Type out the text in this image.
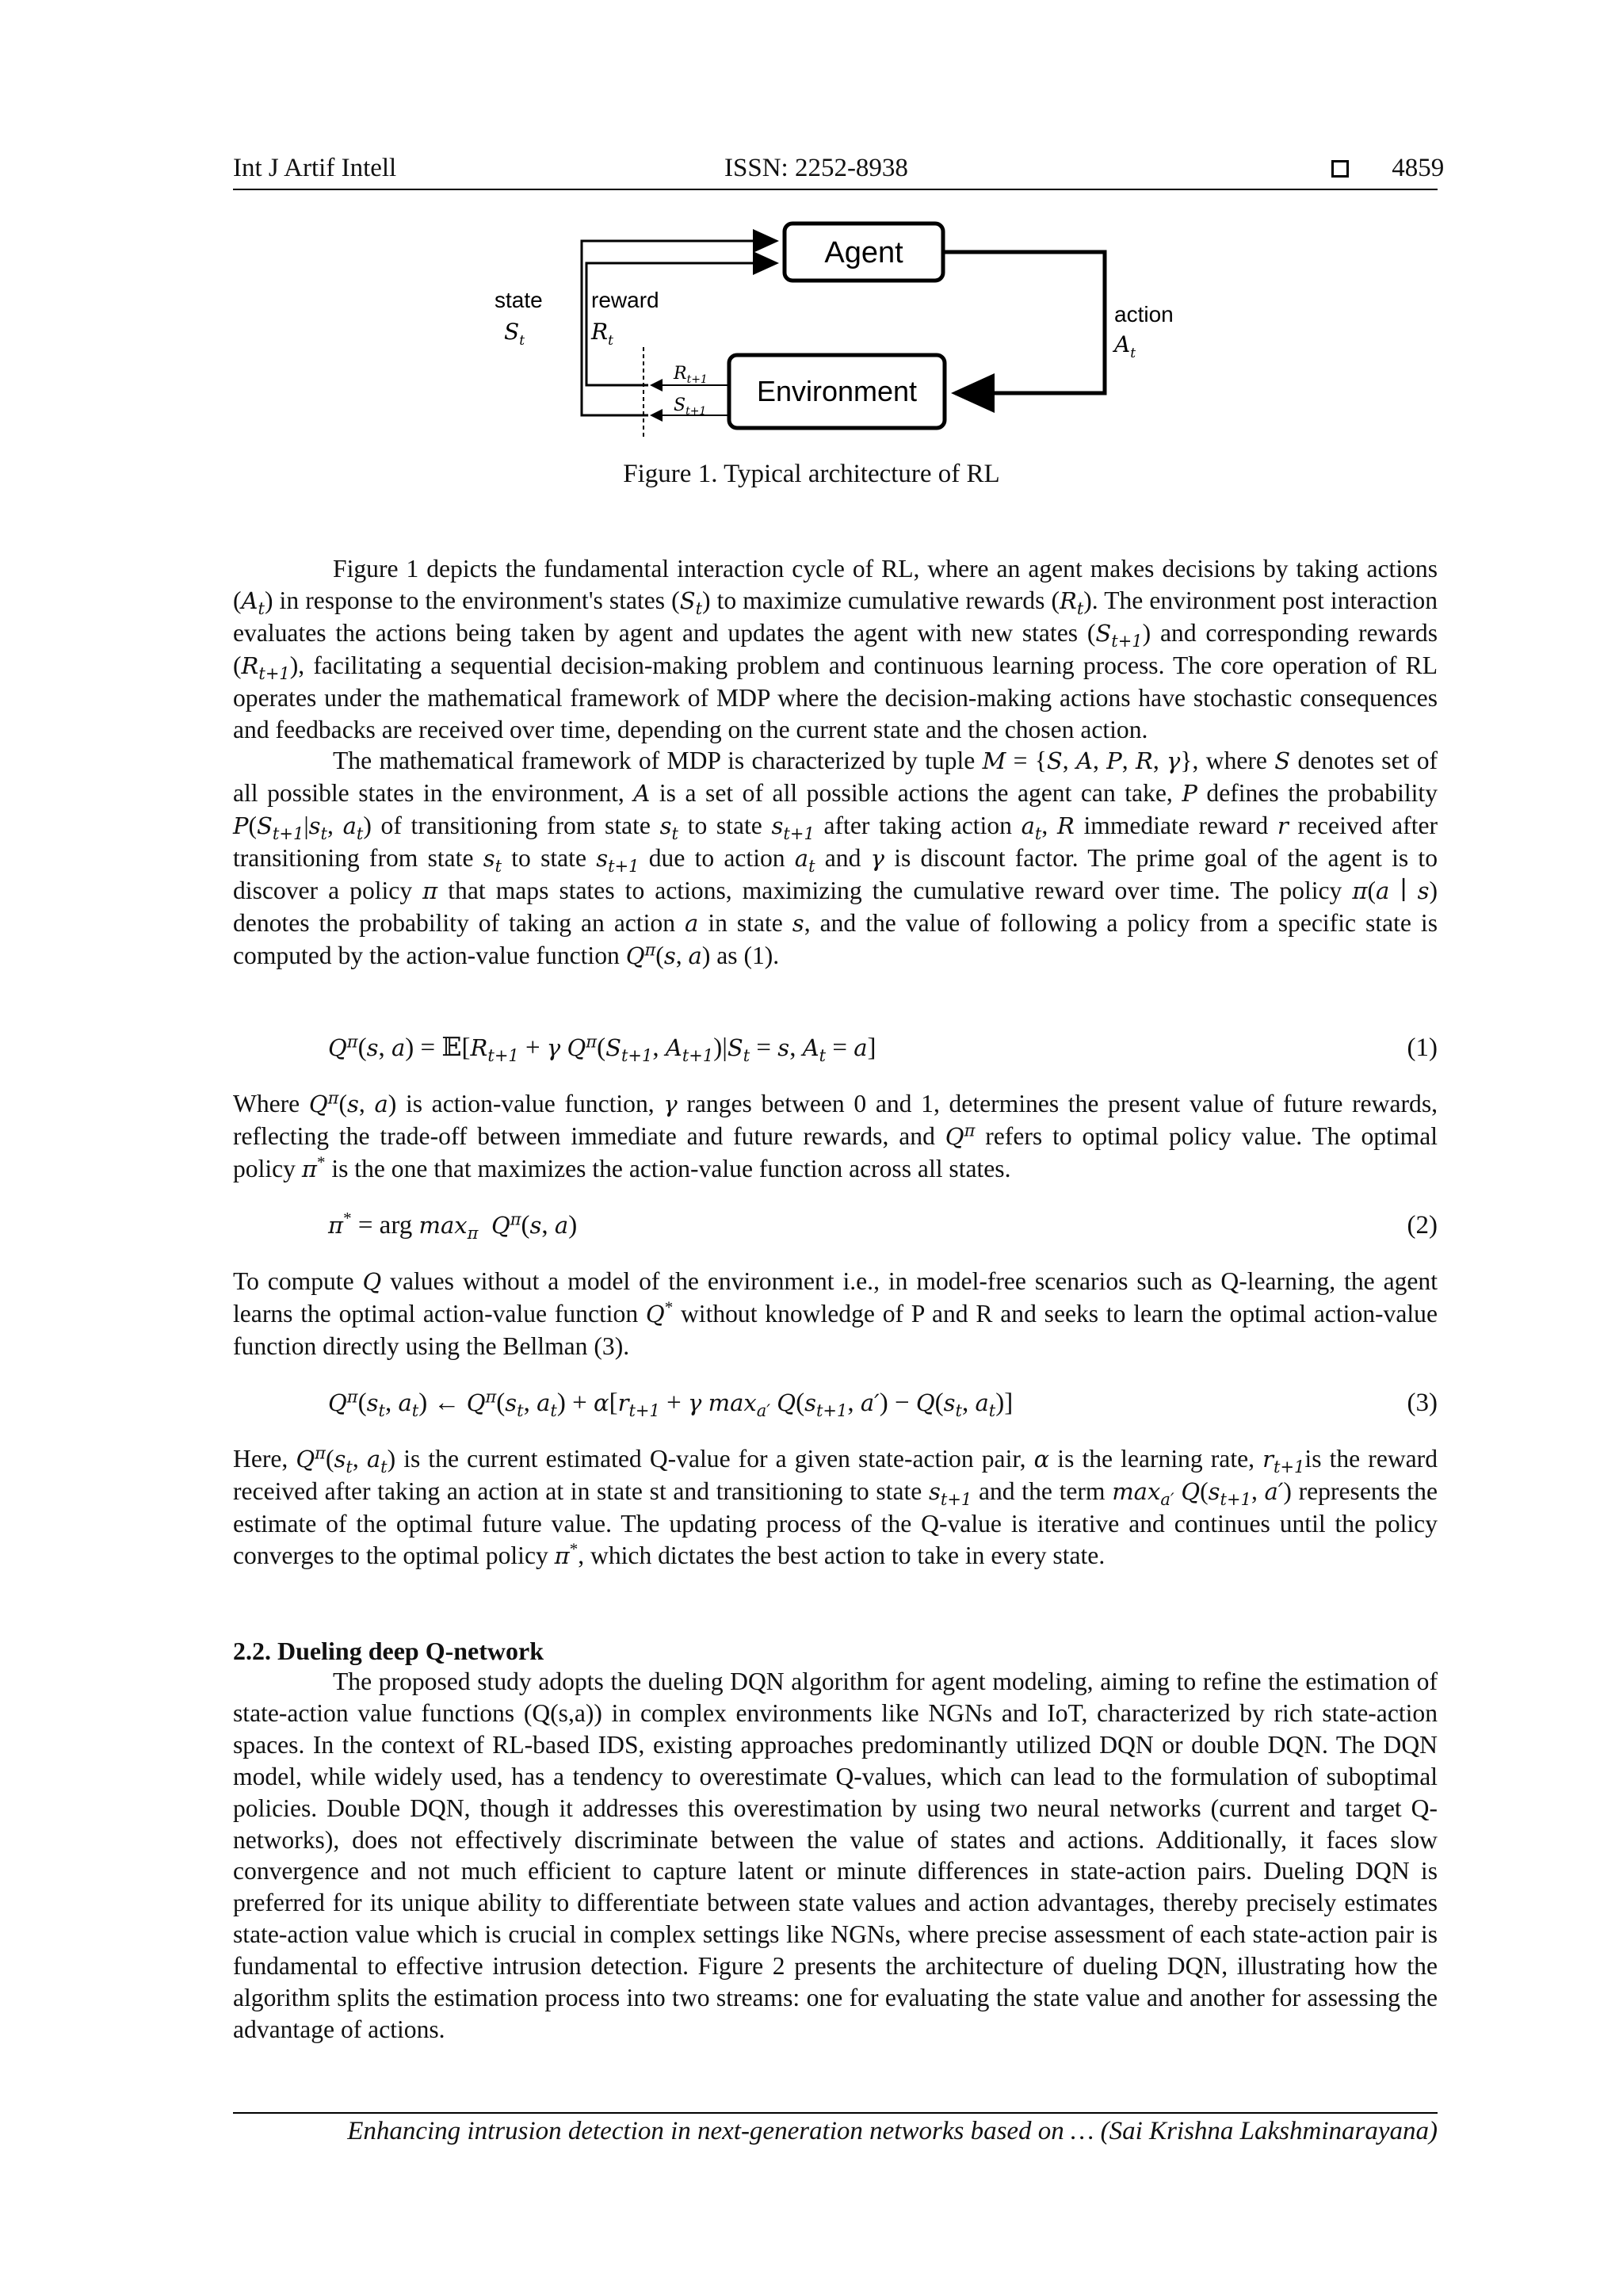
Int J Artif Intell	ISSN: 2252-8938	4859
Agent
Environment
state
$S_t$
reward
$R_t$
action
$A_t$
$R_{t+1}$
$S_{t+1}$
Figure 1. Typical architecture of RL

Figure 1 depicts the fundamental interaction cycle of RL, where an agent makes decisions by taking actions $(A_t)$ in response to the environment's states $(S_t)$ to maximize cumulative rewards $(R_t)$. The environment post interaction evaluates the actions being taken by agent and updates the agent with new states $(S_{t+1})$ and corresponding rewards $(R_{t+1})$, facilitating a sequential decision-making problem and continuous learning process. The core operation of RL operates under the mathematical framework of MDP where the decision-making actions have stochastic consequences and feedbacks are received over time, depending on the current state and the chosen action.

The mathematical framework of MDP is characterized by tuple M = {S, A, P, R, γ}, where S denotes set of all possible states in the environment, A is a set of all possible actions the agent can take, P defines the probability $P(S_{t+1}|s_t$, $a_t$) of transitioning from state $s_t$ to state $s_{t+1}$ after taking action $a_t$, R immediate reward r received after transitioning from state $s_t$ to state $s_{t+1}$ due to action $a_t$ and γ is discount factor. The prime goal of the agent is to discover a policy π that maps states to actions, maximizing the cumulative reward over time. The policy π(a ∣ s) denotes the probability of taking an action a in state s, and the value of following a policy from a specific state is computed by the action-value function $Q^\pi(s$, a) as (1).

$Q^\pi(s$, $a) = 𝔼[R_{t+1} + \gamma$ $Q^\pi(S_{t+1}$, $A_{t+1})|S_t = s$, $A_t = a$]	(1)

Where $Q^\pi(s$, a) is action-value function, γ ranges between 0 and 1, determines the present value of future rewards, reflecting the trade-off between immediate and future rewards, and $Q^\pi$ refers to optimal policy value. The optimal policy π* is the one that maximizes the action-value function across all states.

π* = arg $\max_\pi Q^\pi(s$, a)	(2)

To compute Q values without a model of the environment i.e., in model-free scenarios such as Q-learning, the agent learns the optimal action-value function Q* without knowledge of P and R and seeks to learn the optimal action-value function directly using the Bellman (3).

$Q^\pi(s_t$, $a_t$) ← $Q^\pi(s_t$, $a_t) + \alpha[r_{t+1} + \gamma$ $\max_{a'} Q(s_{t+1}$, $a') - Q(s_t$, $a_t$)]	(3)

Here, $Q^\pi(s_t$, $a_t$) is the current estimated Q-value for a given state-action pair, α is the learning rate, $r_{t+1}is$ the reward received after taking an action at in state st and transitioning to state $s_{t+1}$ and the term $\max_{a'} Q(s_{t+1}$, a′) represents the estimate of the optimal future value. The updating process of the Q-value is iterative and continues until the policy converges to the optimal policy π*, which dictates the best action to take in every state.

2.2. Dueling deep Q-network

The proposed study adopts the dueling DQN algorithm for agent modeling, aiming to refine the estimation of state-action value functions (Q(s,a)) in complex environments like NGNs and IoT, characterized by rich state-action spaces. In the context of RL-based IDS, existing approaches predominantly utilized DQN or double DQN. The DQN model, while widely used, has a tendency to overestimate Q-values, which can lead to the formulation of suboptimal policies. Double DQN, though it addresses this overestimation by using two neural networks (current and target Q-networks), does not effectively discriminate between the value of states and actions. Additionally, it faces slow convergence and not much efficient to capture latent or minute differences in state-action pairs. Dueling DQN is preferred for its unique ability to differentiate between state values and action advantages, thereby precisely estimates state-action value which is crucial in complex settings like NGNs, where precise assessment of each state-action pair is fundamental to effective intrusion detection. Figure 2 presents the architecture of dueling DQN, illustrating how the algorithm splits the estimation process into two streams: one for evaluating the state value and another for assessing the advantage of actions.

Enhancing intrusion detection in next-generation networks based on … (Sai Krishna Lakshminarayana)
